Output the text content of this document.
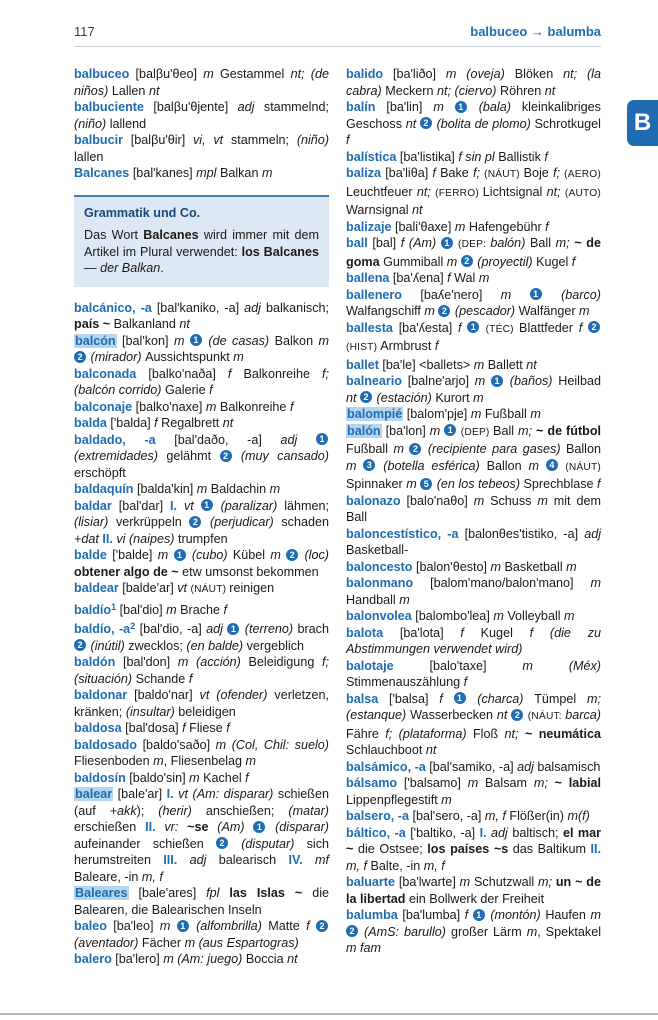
117	balbuceo → balumba

balbuceo [balβu'θeo] m Gestammel nt; (de niños) Lallen nt

balbuciente [balβu'θjente] adj stammelnd; (niño) lallend

balbucir [balβu'θir] vi, vt stammeln; (niño) lallen

Balcanes [bal'kanes] mpl Balkan m

Grammatik und Co.
Das Wort Balcanes wird immer mit dem Artikel im Plural verwendet: los Balcanes — der Balkan.

balcánico, -a [bal'kaniko, -a] adj balkanisch; país ~ Balkanland nt

balcón [bal'kon] m 1 (de casas) Balkon m 2 (mirador) Aussichtspunkt m

balconada [balko'naða] f Balkonreihe f; (balcón corrido) Galerie f

balconaje [balko'naxe] m Balkonreihe f

balda ['balda] f Regalbrett nt

baldado, -a [bal'daðo, -a] adj 1 (extremidades) gelähmt 2 (muy cansado) erschöpft

baldaquín [balda'kin] m Baldachin m

baldar [bal'dar] I. vt 1 (paralizar) lähmen; (lisiar) verkrüppeln 2 (perjudicar) schaden +dat II. vi (naipes) trumpfen

balde ['balde] m 1 (cubo) Kübel m 2 (loc) obtener algo de ~ etw umsonst bekommen

baldear [balde'ar] vt (NÁUT) reinigen

baldío$^1$ [bal'dio] m Brache f

baldío, $-a^2$ [bal'dio, -a] adj 1 (terreno) brach 2 (inútil) zwecklos; (en balde) vergeblich

baldón [bal'don] m (acción) Beleidigung f; (situación) Schande f

baldonar [baldo'nar] vt (ofender) verletzen, kränken; (insultar) beleidigen

baldosa [bal'dosa] f Fliese f

baldosado [baldo'saðo] m (Col, Chil: suelo) Fliesenboden m, Fliesenbelag m

baldosín [baldo'sin] m Kachel f

balear [bale'ar] I. vt (Am: disparar) schießen (auf +akk); (herir) anschießen; (matar) erschießen II. vr: ~se (Am) 1 (disparar) aufeinander schießen 2 (disputar) sich herumstreiten III. adj balearisch IV. mf Baleare, -in m, f

Baleares [bale'ares] fpl las Islas ~ die Balearen, die Balearischen Inseln

baleo [ba'leo] m 1 (alfombrilla) Matte f 2 (aventador) Fächer m (aus Espartogras)

balero [ba'lero] m (Am: juego) Boccia nt

balido [ba'liðo] m (oveja) Blöken nt; (la cabra) Meckern nt; (ciervo) Röhren nt

balín [ba'lin] m 1 (bala) kleinkalibriges Geschoss nt 2 (bolita de plomo) Schrotkugel f

balística [ba'listika] f sin pl Ballistik f

baliza [ba'liθa] f Bake f; (NÁUT) Boje f; (AERO) Leuchtfeuer nt; (FERRO) Lichtsignal nt; (AUTO) Warnsignal nt

balizaje [bali'θaxe] m Hafengebühr f

ball [bal] f (Am) 1 (DEP: balón) Ball m; ~ de goma Gummiball m 2 (proyectil) Kugel f

ballena [ba'ʎena] f Wal m

ballenero [baʎe'nero] m 1 (barco) Walfangschiff m 2 (pescador) Walfänger m

ballesta [ba'ʎesta] f 1 (TÉC) Blattfeder f 2 (HIST) Armbrust f

ballet [ba'le] <ballets> m Ballett nt

balneario [balne'arjo] m 1 (baños) Heilbad nt 2 (estación) Kurort m

balompié [balom'pje] m Fußball m

balón [ba'lon] m 1 (DEP) Ball m; ~ de fútbol Fußball m 2 (recipiente para gases) Ballon m 3 (botella esférica) Ballon m 4 (NÁUT) Spinnaker m 5 (en los tebeos) Sprechblase f

balonazo [balo'naθo] m Schuss m mit dem Ball

baloncestístico, -a [balonθes'tistiko, -a] adj Basketball-

baloncesto [balon'θesto] m Basketball m

balonmano [balom'mano/balon'mano] m Handball m

balonvolea [balombo'lea] m Volleyball m

balota [ba'lota] f Kugel f (die zu Abstimmungen verwendet wird)

balotaje [balo'taxe] m (Méx) Stimmenauszählung f

balsa ['balsa] f 1 (charca) Tümpel m; (estanque) Wasserbecken nt 2 (NÁUT: barca) Fähre f; (plataforma) Floß nt; ~ neumática Schlauchboot nt

balsámico, -a [bal'samiko, -a] adj balsamisch

bálsamo ['balsamo] m Balsam m; ~ labial Lippenpflegestift m

balsero, -a [bal'sero, -a] m, f Flößer(in) m(f)

báltico, -a ['baltiko, -a] I. adj baltisch; el mar ~ die Ostsee; los países ~s das Baltikum II. m, f Balte, -in m, f

baluarte [ba'lwarte] m Schutzwall m; un ~ de la libertad ein Bollwerk der Freiheit

balumba [ba'lumba] f 1 (montón) Haufen m 2 (AmS: barullo) großer Lärm m, Spektakel m fam

B
